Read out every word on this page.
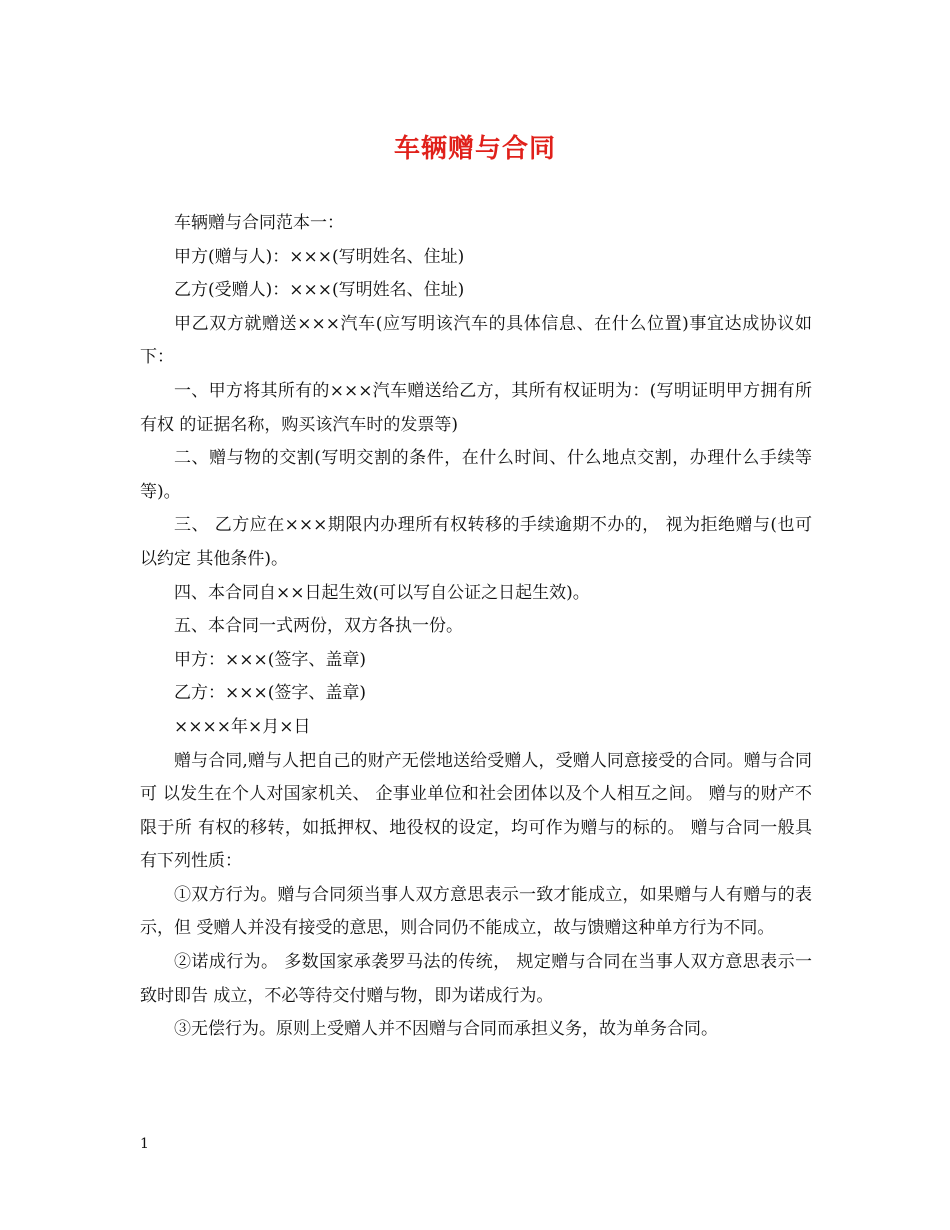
车辆赠与合同

车辆赠与合同范本一：

甲方(赠与人)：×××(写明姓名、住址)

乙方(受赠人)：×××(写明姓名、住址)

甲乙双方就赠送×××汽车(应写明该汽车的具体信息、在什么位置)事宜达成协议如下：

一、甲方将其所有的×××汽车赠送给乙方，其所有权证明为：(写明证明甲方拥有所有权 的证据名称，购买该汽车时的发票等)

二、赠与物的交割(写明交割的条件，在什么时间、什么地点交割，办理什么手续等等)。

三、 乙方应在×××期限内办理所有权转移的手续逾期不办的， 视为拒绝赠与(也可以约定 其他条件)。

四、本合同自××日起生效(可以写自公证之日起生效)。

五、本合同一式两份，双方各执一份。

甲方：×××(签字、盖章)

乙方：×××(签字、盖章)

××××年×月×日

赠与合同,赠与人把自己的财产无偿地送给受赠人，受赠人同意接受的合同。赠与合同可 以发生在个人对国家机关、 企事业单位和社会团体以及个人相互之间。 赠与的财产不限于所 有权的移转，如抵押权、地役权的设定，均可作为赠与的标的。 赠与合同一般具有下列性质：

①双方行为。赠与合同须当事人双方意思表示一致才能成立，如果赠与人有赠与的表示，但 受赠人并没有接受的意思，则合同仍不能成立，故与馈赠这种单方行为不同。

②诺成行为。 多数国家承袭罗马法的传统， 规定赠与合同在当事人双方意思表示一致时即告 成立，不必等待交付赠与物，即为诺成行为。

③无偿行为。原则上受赠人并不因赠与合同而承担义务，故为单务合同。

1
